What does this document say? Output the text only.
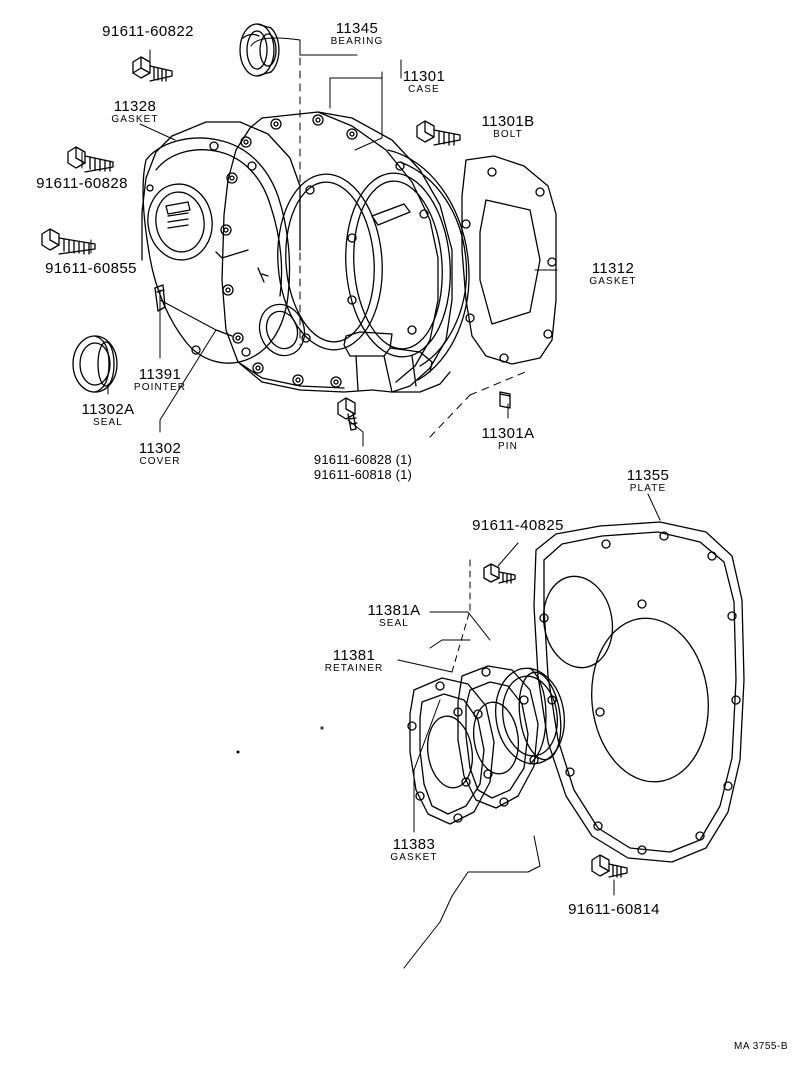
91611-60822	11345
BEARING
11301
CASE
11328
GASKET	11301B
BOLT
91611-60828
91611-60855	11312
GASKET
11391
POINTER
11302A
SEAL
11302
COVER
11301A
PIN
91611-60828 (1)
91611-60818 (1)	11355
PLATE
91611-40825
11381A
SEAL
11381
RETAINER
11383
GASKET
91611-60814
MA 3755-B
